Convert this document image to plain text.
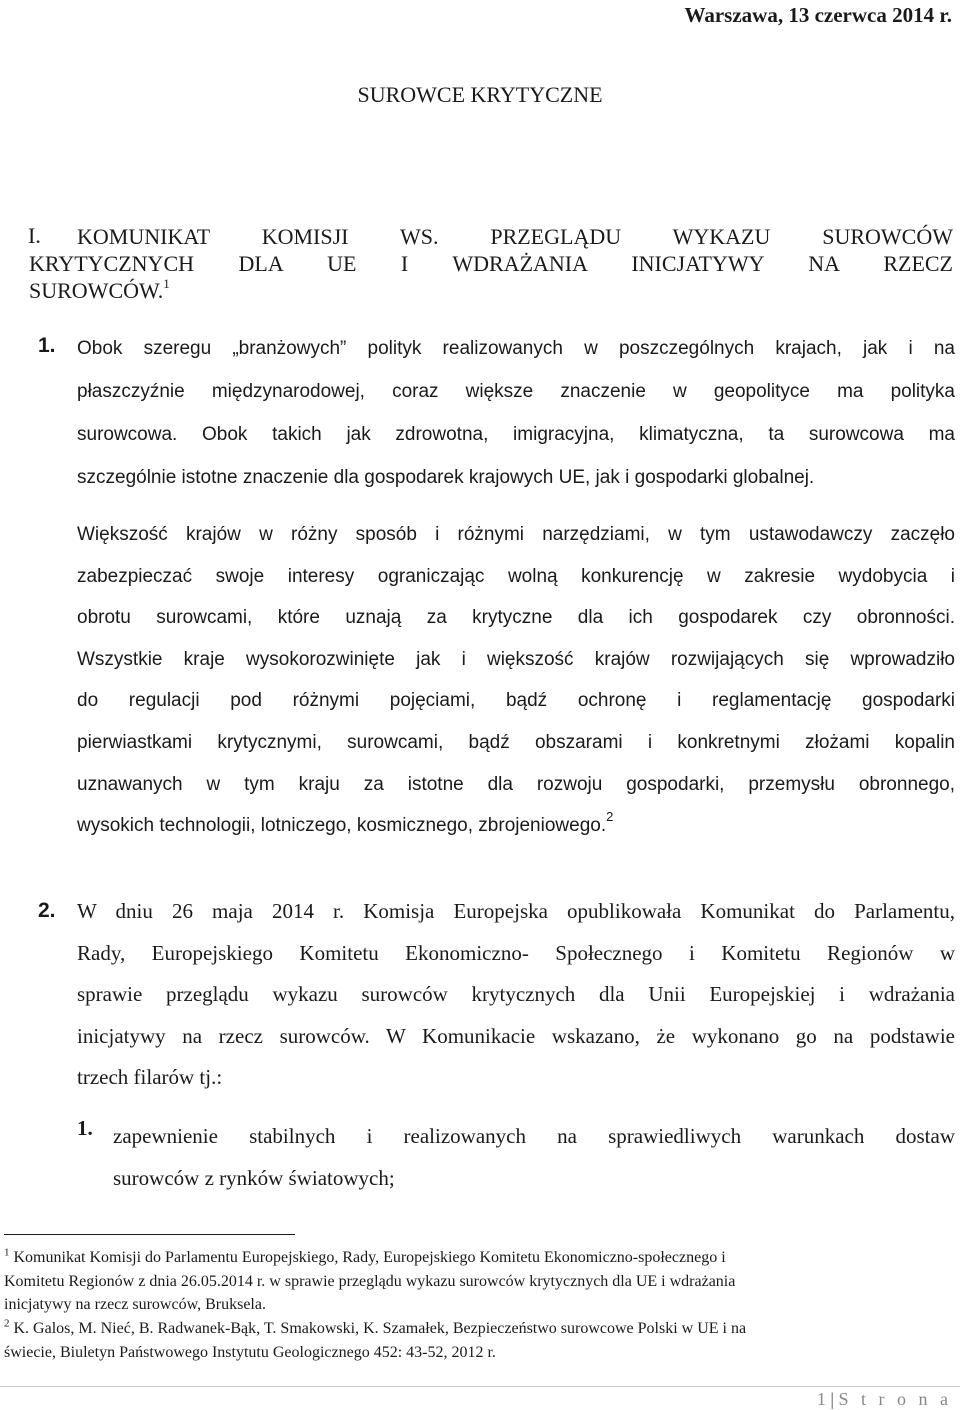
Warszawa, 13 czerwca 2014 r.
SUROWCE KRYTYCZNE
I. KOMUNIKAT KOMISJI WS. PRZEGLĄDU WYKAZU SUROWCÓW
KRYTYCZNYCH DLA UE I WDRAŻANIA INICJATYWY NA RZECZ
SUROWCÓW.$^1$
1. Obok szeregu „branżowych” polityk realizowanych w poszczególnych krajach, jak i na
płaszczyźnie międzynarodowej, coraz większe znaczenie w geopolityce ma polityka
surowcowa. Obok takich jak zdrowotna, imigracyjna, klimatyczna, ta surowcowa ma
szczególnie istotne znaczenie dla gospodarek krajowych UE, jak i gospodarki globalnej.
Większość krajów w różny sposób i różnymi narzędziami, w tym ustawodawczy zaczęło
zabezpieczać swoje interesy ograniczając wolną konkurencję w zakresie wydobycia i
obrotu surowcami, które uznają za krytyczne dla ich gospodarek czy obronności.
Wszystkie kraje wysokorozwinięte jak i większość krajów rozwijających się wprowadziło
do regulacji pod różnymi pojęciami, bądź ochronę i reglamentację gospodarki
pierwiastkami krytycznymi, surowcami, bądź obszarami i konkretnymi złożami kopalin
uznawanych w tym kraju za istotne dla rozwoju gospodarki, przemysłu obronnego,
wysokich technologii, lotniczego, kosmicznego, zbrojeniowego.$^2$
2. W dniu 26 maja 2014 r. Komisja Europejska opublikowała Komunikat do Parlamentu,
Rady, Europejskiego Komitetu Ekonomiczno- Społecznego i Komitetu Regionów w
sprawie przeglądu wykazu surowców krytycznych dla Unii Europejskiej i wdrażania
inicjatywy na rzecz surowców. W Komunikacie wskazano, że wykonano go na podstawie
trzech filarów tj.:
1. zapewnienie stabilnych i realizowanych na sprawiedliwych warunkach dostaw
surowców z rynków światowych;
$^1$ Komunikat Komisji do Parlamentu Europejskiego, Rady, Europejskiego Komitetu Ekonomiczno-społecznego i
Komitetu Regionów z dnia 26.05.2014 r. w sprawie przeglądu wykazu surowców krytycznych dla UE i wdrażania
inicjatywy na rzecz surowców, Bruksela.
$^2$ K. Galos, M. Nieć, B. Radwanek-Bąk, T. Smakowski, K. Szamałek, Bezpieczeństwo surowcowe Polski w UE i na
świecie, Biuletyn Państwowego Instytutu Geologicznego 452: 43-52, 2012 r.
1 | S t r o n a
